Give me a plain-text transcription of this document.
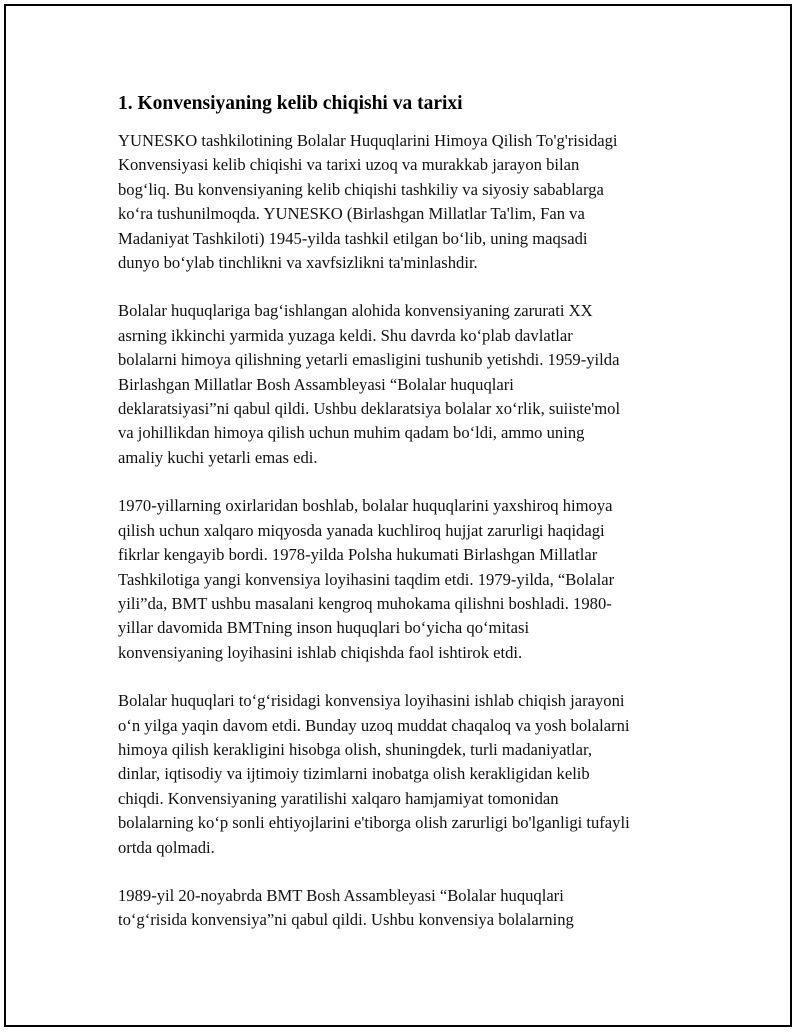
1. Konvensiyaning kelib chiqishi va tarixi

YUNESKO tashkilotining Bolalar Huquqlarini Himoya Qilish To'g'risidagi
Konvensiyasi kelib chiqishi va tarixi uzoq va murakkab jarayon bilan
bog‘liq. Bu konvensiyaning kelib chiqishi tashkiliy va siyosiy sabablarga
ko‘ra tushunilmoqda. YUNESKO (Birlashgan Millatlar Ta'lim, Fan va
Madaniyat Tashkiloti) 1945-yilda tashkil etilgan bo‘lib, uning maqsadi
dunyo bo‘ylab tinchlikni va xavfsizlikni ta'minlashdir.

Bolalar huquqlariga bag‘ishlangan alohida konvensiyaning zarurati XX
asrning ikkinchi yarmida yuzaga keldi. Shu davrda ko‘plab davlatlar
bolalarni himoya qilishning yetarli emasligini tushunib yetishdi. 1959-yilda
Birlashgan Millatlar Bosh Assambleyasi “Bolalar huquqlari
deklaratsiyasi”ni qabul qildi. Ushbu deklaratsiya bolalar xo‘rlik, suiiste'mol
va johillikdan himoya qilish uchun muhim qadam bo‘ldi, ammo uning
amaliy kuchi yetarli emas edi.

1970-yillarning oxirlaridan boshlab, bolalar huquqlarini yaxshiroq himoya
qilish uchun xalqaro miqyosda yanada kuchliroq hujjat zarurligi haqidagi
fikrlar kengayib bordi. 1978-yilda Polsha hukumati Birlashgan Millatlar
Tashkilotiga yangi konvensiya loyihasini taqdim etdi. 1979-yilda, “Bolalar
yili”da, BMT ushbu masalani kengroq muhokama qilishni boshladi. 1980-
yillar davomida BMTning inson huquqlari bo‘yicha qo‘mitasi
konvensiyaning loyihasini ishlab chiqishda faol ishtirok etdi.

Bolalar huquqlari to‘g‘risidagi konvensiya loyihasini ishlab chiqish jarayoni
o‘n yilga yaqin davom etdi. Bunday uzoq muddat chaqaloq va yosh bolalarni
himoya qilish kerakligini hisobga olish, shuningdek, turli madaniyatlar,
dinlar, iqtisodiy va ijtimoiy tizimlarni inobatga olish kerakligidan kelib
chiqdi. Konvensiyaning yaratilishi xalqaro hamjamiyat tomonidan
bolalarning ko‘p sonli ehtiyojlarini e'tiborga olish zarurligi bo'lganligi tufayli
ortda qolmadi.

1989-yil 20-noyabrda BMT Bosh Assambleyasi “Bolalar huquqlari
to‘g‘risida konvensiya”ni qabul qildi. Ushbu konvensiya bolalarning
